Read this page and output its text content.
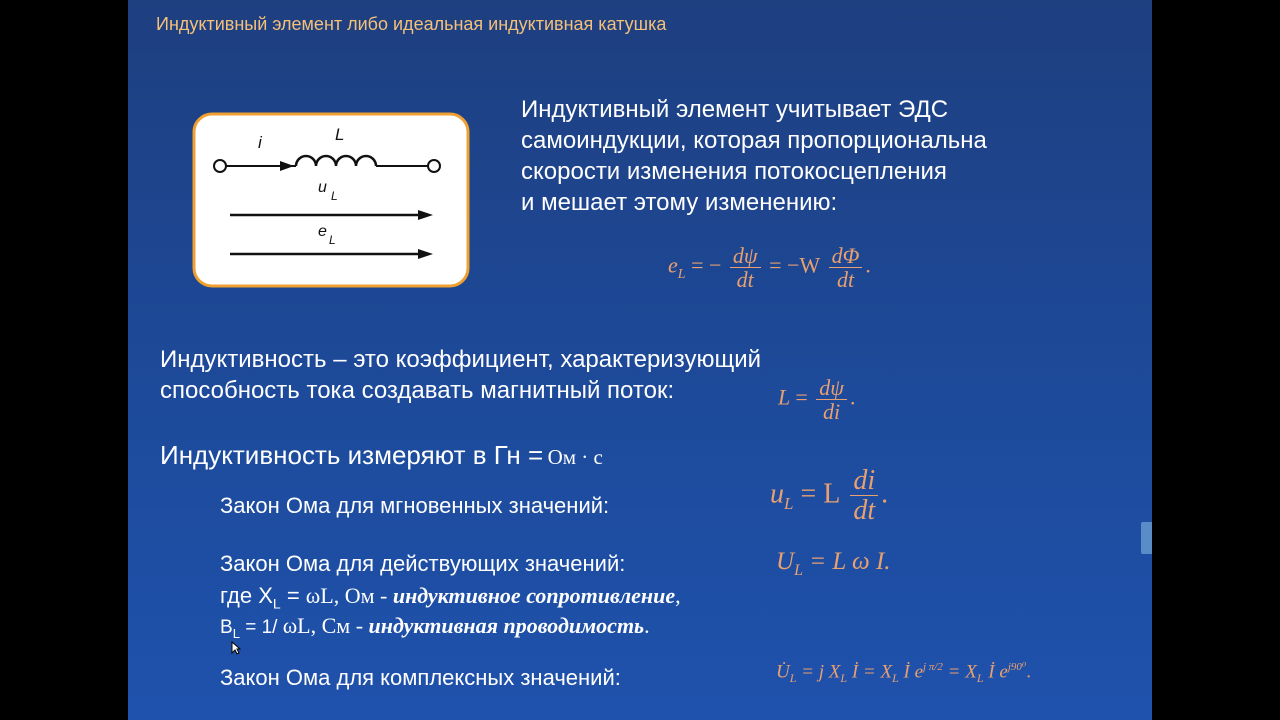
Индуктивный элемент либо идеальная индуктивная катушка
i	L
u L
e L
Индуктивный элемент учитывает ЭДС
самоиндукции, которая пропорциональна
скорости изменения потокосцепления
и мешает этому изменению:
$e_L$ = − $\frac{d\psi}{dt} = -W \frac{d\Phi}{dt}$ .
Индуктивность – это коэффициент, характеризующий
способность тока создавать магнитный поток:	$L = \frac{d\psi}{di}$ .
Индуктивность измеряют в Гн = Ом · с
Закон Ома для мгновенных значений:	$u_L = L \frac{di}{dt}$ .
Закон Ома для действующих значений:	$U_L = L$ ω I.
где $X_L = \omega L$, Ом - индуктивное сопротивление,
$B_L = 1/$ ωL, См - индуктивная проводимость.
Закон Ома для комплексных значений:	$U̇_L = j$ $X_L$ İ = $X_L$ İ $e^{j \pi/2} = X_L$ İ $e^{j90^0}$.
